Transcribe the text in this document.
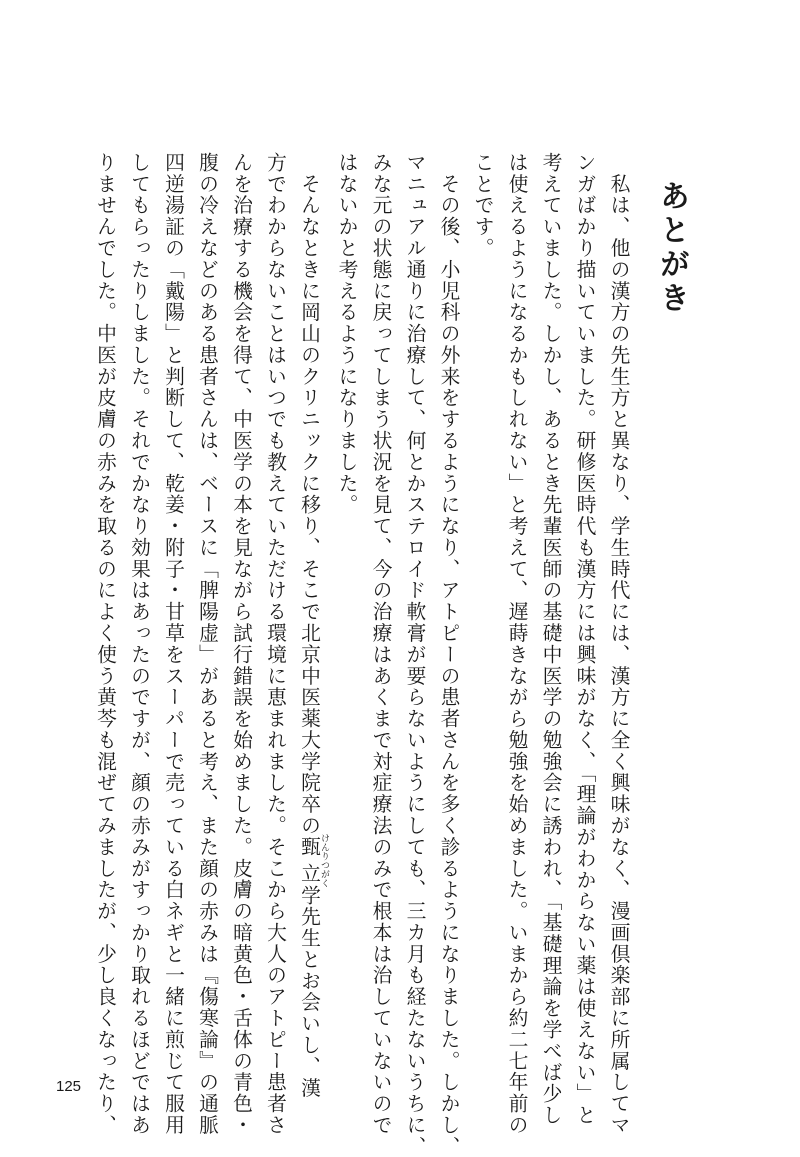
あとがき
　私は、他の漢方の先生方と異なり、学生時代には、漢方に全く興味がなく、漫画倶楽部に所属してマ
ンガばかり描いていました。研修医時代も漢方には興味がなく、「理論がわからない薬は使えない」と
考えていました。しかし、あるとき先輩医師の基礎中医学の勉強会に誘われ、「基礎理論を学べば少し
は使えるようになるかもしれない」と考えて、遅蒔きながら勉強を始めました。いまから約二七年前の
ことです。
　その後、小児科の外来をするようになり、アトピーの患者さんを多く診るようになりました。しかし、
マニュアル通りに治療して、何とかステロイド軟膏が要らないようにしても、三カ月も経たないうちに、
みな元の状態に戻ってしまう状況を見て、今の治療はあくまで対症療法のみで根本は治していないので
はないかと考えるようになりました。
　そんなときに岡山のクリニックに移り、そこで北京中医薬大学院卒の甄立けんりつがく学先生とお会いし、漢
方でわからないことはいつでも教えていただける環境に恵まれました。そこから大人のアトピー患者さ
んを治療する機会を得て、中医学の本を見ながら試行錯誤を始めました。皮膚の暗黄色・舌体の青色・
腹の冷えなどのある患者さんは、ベースに「脾陽虚」があると考え、また顔の赤みは『傷寒論』の通脈
四逆湯証の「戴陽」と判断して、乾姜・附子・甘草をスーパーで売っている白ネギと一緒に煎じて服用
してもらったりしました。それでかなり効果はあったのですが、顔の赤みがすっかり取れるほどではあ
りませんでした。中医が皮膚の赤みを取るのによく使う黄芩も混ぜてみましたが、少し良くなったり、

125
